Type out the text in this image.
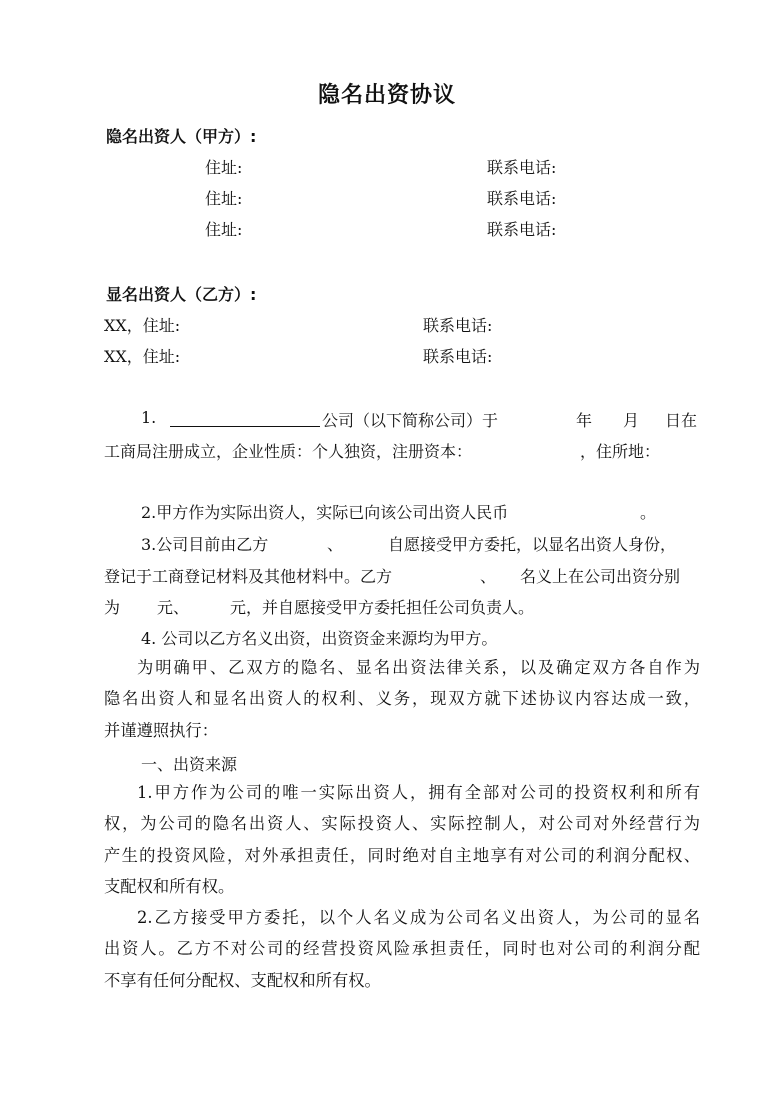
隐名出资协议
隐名出资人（甲方）:
住址:	联系电话:
住址:	联系电话:
住址:	联系电话:
显名出资人（乙方）:
XX，住址:	联系电话:
XX，住址:	联系电话:
1.	公司（以下简称公司）于	年 月 日在
工商局注册成立，企业性质：个人独资，注册资本：	，住所地：
2.甲方作为实际出资人，实际已向该公司出资人民币	。
3.公司目前由乙方	、	自愿接受甲方委托，以显名出资人身份，
登记于工商登记材料及其他材料中。乙方	、 名义上在公司出资分别
为 元、	元，并自愿接受甲方委托担任公司负责人。
4. 公司以乙方名义出资，出资资金来源均为甲方。
为明确甲、乙双方的隐名、显名出资法律关系，以及确定双方各自作为
隐名出资人和显名出资人的权利、义务，现双方就下述协议内容达成一致，
并谨遵照执行：
一、出资来源
1.甲方作为公司的唯一实际出资人，拥有全部对公司的投资权利和所有
权，为公司的隐名出资人、实际投资人、实际控制人，对公司对外经营行为
产生的投资风险，对外承担责任，同时绝对自主地享有对公司的利润分配权、
支配权和所有权。
2.乙方接受甲方委托，以个人名义成为公司名义出资人，为公司的显名
出资人。乙方不对公司的经营投资风险承担责任，同时也对公司的利润分配
不享有任何分配权、支配权和所有权。
